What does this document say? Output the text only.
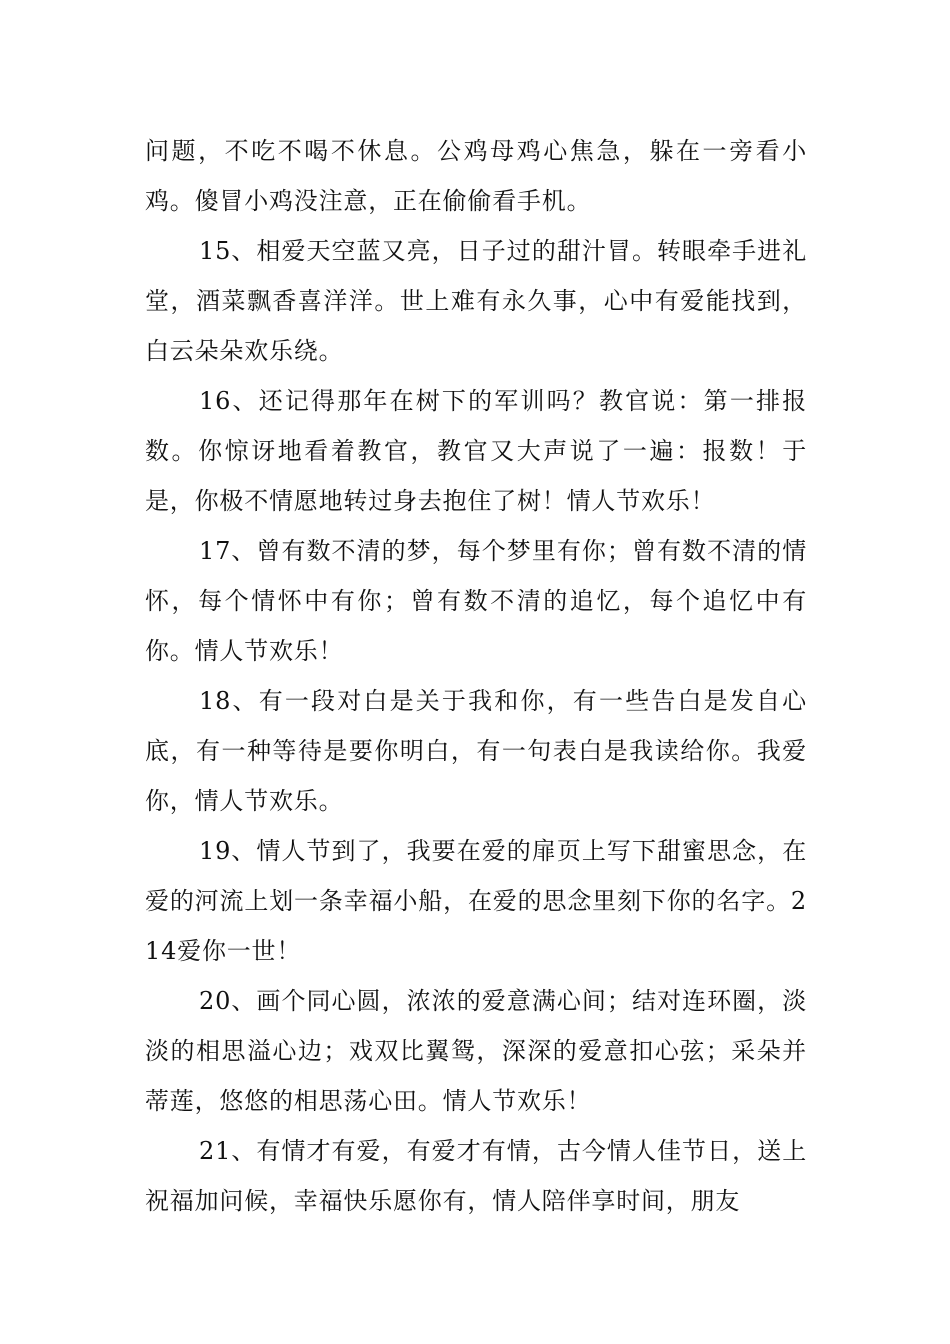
问题，不吃不喝不休息。公鸡母鸡心焦急，躲在一旁看小鸡。傻冒小鸡没注意，正在偷偷看手机。

15、相爱天空蓝又亮，日子过的甜汁冒。转眼牵手进礼堂，酒菜飘香喜洋洋。世上难有永久事，心中有爱能找到，白云朵朵欢乐绕。

16、还记得那年在树下的军训吗？教官说：第一排报数。你惊讶地看着教官，教官又大声说了一遍：报数！于是，你极不情愿地转过身去抱住了树！情人节欢乐！

17、曾有数不清的梦，每个梦里有你；曾有数不清的情怀，每个情怀中有你；曾有数不清的追忆，每个追忆中有你。情人节欢乐！

18、有一段对白是关于我和你，有一些告白是发自心底，有一种等待是要你明白，有一句表白是我读给你。我爱你，情人节欢乐。

19、情人节到了，我要在爱的扉页上写下甜蜜思念，在爱的河流上划一条幸福小船，在爱的思念里刻下你的名字。214爱你一世！

20、画个同心圆，浓浓的爱意满心间；结对连环圈，淡淡的相思溢心边；戏双比翼鸳，深深的爱意扣心弦；采朵并蒂莲，悠悠的相思荡心田。情人节欢乐！

21、有情才有爱，有爱才有情，古今情人佳节日，送上祝福加问候，幸福快乐愿你有，情人陪伴享时间，朋友
